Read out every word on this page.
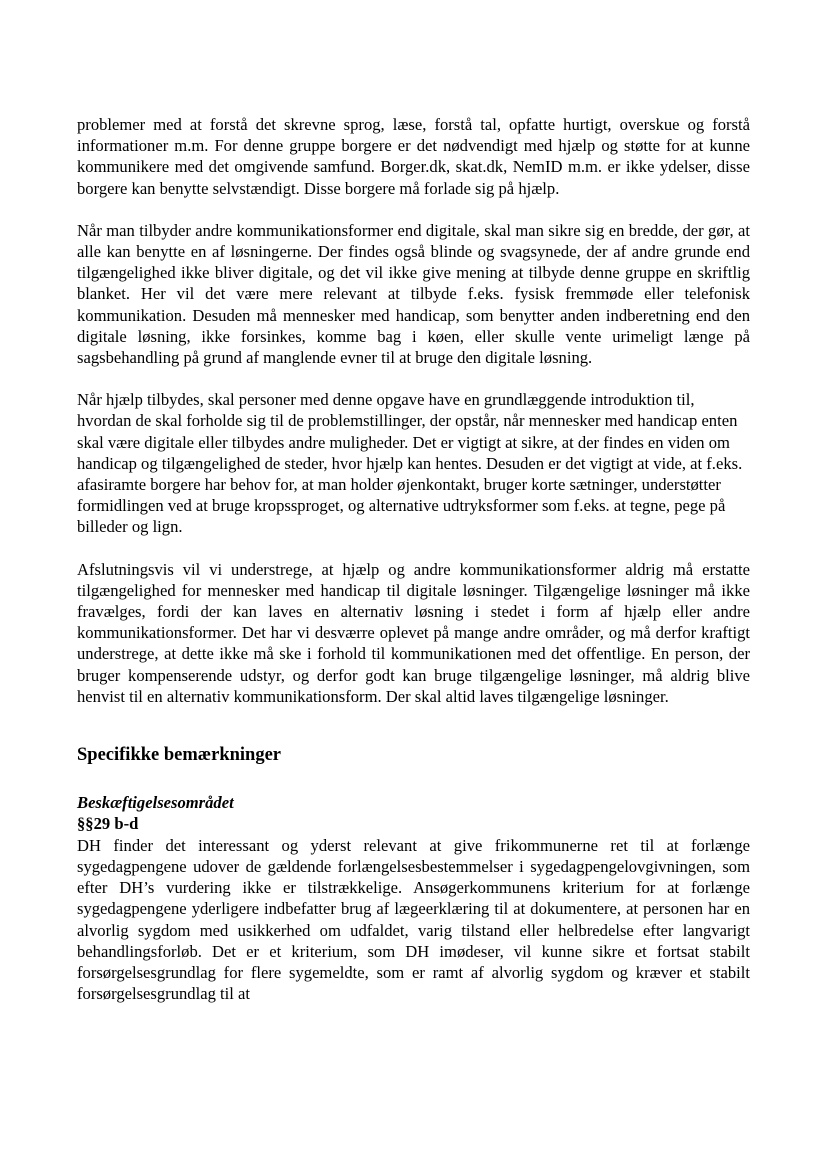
problemer med at forstå det skrevne sprog, læse, forstå tal, opfatte hurtigt, overskue og forstå informationer m.m. For denne gruppe borgere er det nødvendigt med hjælp og støtte for at kunne kommunikere med det omgivende samfund. Borger.dk, skat.dk, NemID m.m. er ikke ydelser, disse borgere kan benytte selvstændigt. Disse borgere må forlade sig på hjælp.

Når man tilbyder andre kommunikationsformer end digitale, skal man sikre sig en bredde, der gør, at alle kan benytte en af løsningerne. Der findes også blinde og svagsynede, der af andre grunde end tilgængelighed ikke bliver digitale, og det vil ikke give mening at tilbyde denne gruppe en skriftlig blanket. Her vil det være mere relevant at tilbyde f.eks. fysisk fremmøde eller telefonisk kommunikation. Desuden må mennesker med handicap, som benytter anden indberetning end den digitale løsning, ikke forsinkes, komme bag i køen, eller skulle vente urimeligt længe på sagsbehandling på grund af manglende evner til at bruge den digitale løsning.

Når hjælp tilbydes, skal personer med denne opgave have en grundlæggende introduktion til, hvordan de skal forholde sig til de problemstillinger, der opstår, når mennesker med handicap enten skal være digitale eller tilbydes andre muligheder. Det er vigtigt at sikre, at der findes en viden om handicap og tilgængelighed de steder, hvor hjælp kan hentes. Desuden er det vigtigt at vide, at f.eks. afasiramte borgere har behov for, at man holder øjenkontakt, bruger korte sætninger, understøtter formidlingen ved at bruge kropssproget, og alternative udtryksformer som f.eks. at tegne, pege på billeder og lign.

Afslutningsvis vil vi understrege, at hjælp og andre kommunikationsformer aldrig må erstatte tilgængelighed for mennesker med handicap til digitale løsninger. Tilgængelige løsninger må ikke fravælges, fordi der kan laves en alternativ løsning i stedet i form af hjælp eller andre kommunikationsformer. Det har vi desværre oplevet på mange andre områder, og må derfor kraftigt understrege, at dette ikke må ske i forhold til kommunikationen med det offentlige. En person, der bruger kompenserende udstyr, og derfor godt kan bruge tilgængelige løsninger, må aldrig blive henvist til en alternativ kommunikationsform. Der skal altid laves tilgængelige løsninger.

Specifikke bemærkninger

Beskæftigelsesområdet

§§29 b-d

DH finder det interessant og yderst relevant at give frikommunerne ret til at forlænge sygedagpengene udover de gældende forlængelsesbestemmelser i sygedagpengelovgivningen, som efter DH’s vurdering ikke er tilstrækkelige. Ansøgerkommunens kriterium for at forlænge sygedagpengene yderligere indbefatter brug af lægeerklæring til at dokumentere, at personen har en alvorlig sygdom med usikkerhed om udfaldet, varig tilstand eller helbredelse efter langvarigt behandlingsforløb. Det er et kriterium, som DH imødeser, vil kunne sikre et fortsat stabilt forsørgelsesgrundlag for flere sygemeldte, som er ramt af alvorlig sygdom og kræver et stabilt forsørgelsesgrundlag til at
